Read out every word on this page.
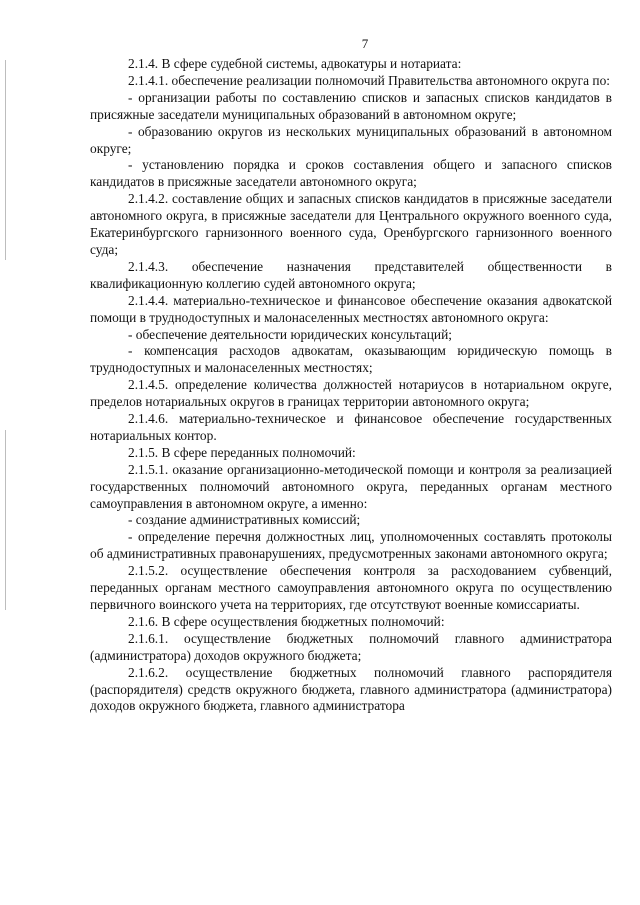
7

2.1.4. В сфере судебной системы, адвокатуры и нотариата:

2.1.4.1. обеспечение реализации полномочий Правительства автономного округа по:

- организации работы по составлению списков и запасных списков кандидатов в присяжные заседатели муниципальных образований в автономном округе;

- образованию округов из нескольких муниципальных образований в автономном округе;

- установлению порядка и сроков составления общего и запасного списков кандидатов в присяжные заседатели автономного округа;

2.1.4.2. составление общих и запасных списков кандидатов в присяжные заседатели автономного округа, в присяжные заседатели для Центрального окружного военного суда, Екатеринбургского гарнизонного военного суда, Оренбургского гарнизонного военного суда;

2.1.4.3. обеспечение назначения представителей общественности в квалификационную коллегию судей автономного округа;

2.1.4.4. материально-техническое и финансовое обеспечение оказания адвокатской помощи в труднодоступных и малонаселенных местностях автономного округа:

- обеспечение деятельности юридических консультаций;

- компенсация расходов адвокатам, оказывающим юридическую помощь в труднодоступных и малонаселенных местностях;

2.1.4.5. определение количества должностей нотариусов в нотариальном округе, пределов нотариальных округов в границах территории автономного округа;

2.1.4.6. материально-техническое и финансовое обеспечение государственных нотариальных контор.

2.1.5. В сфере переданных полномочий:

2.1.5.1. оказание организационно-методической помощи и контроля за реализацией государственных полномочий автономного округа, переданных органам местного самоуправления в автономном округе, а именно:

- создание административных комиссий;

- определение перечня должностных лиц, уполномоченных составлять протоколы об административных правонарушениях, предусмотренных законами автономного округа;

2.1.5.2. осуществление обеспечения контроля за расходованием субвенций, переданных органам местного самоуправления автономного округа по осуществлению первичного воинского учета на территориях, где отсутствуют военные комиссариаты.

2.1.6. В сфере осуществления бюджетных полномочий:

2.1.6.1. осуществление бюджетных полномочий главного администратора (администратора) доходов окружного бюджета;

2.1.6.2. осуществление бюджетных полномочий главного распорядителя (распорядителя) средств окружного бюджета, главного администратора (администратора) доходов окружного бюджета, главного администратора
